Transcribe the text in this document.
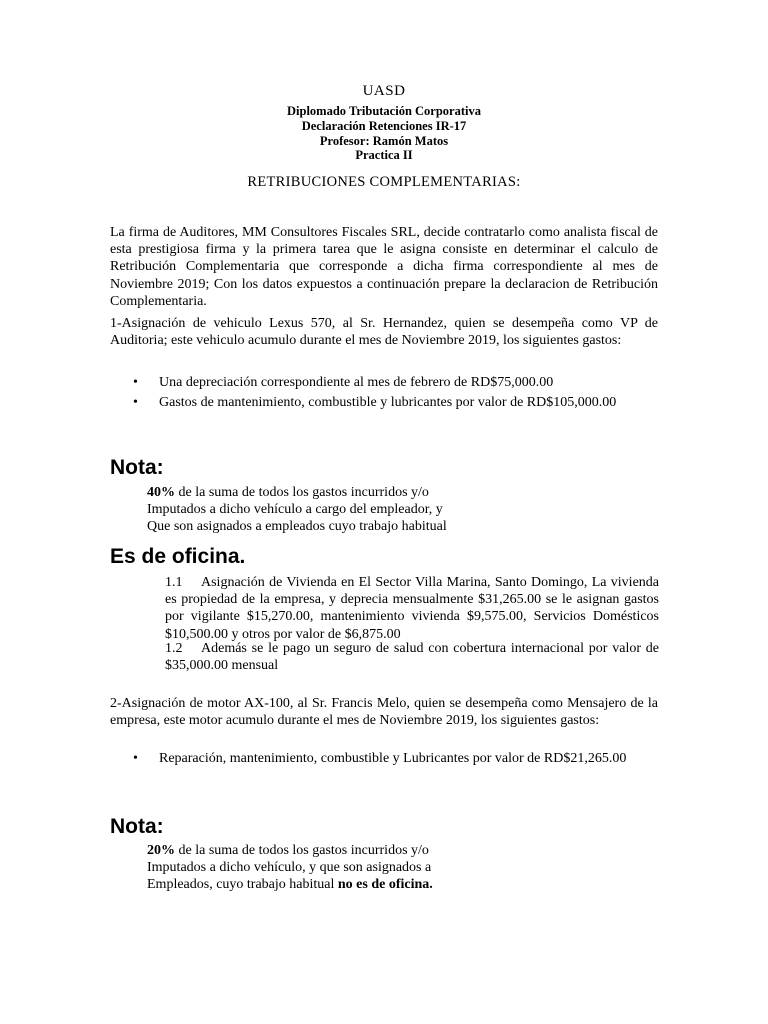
UASD
Diplomado Tributación Corporativa
Declaración Retenciones IR-17
Profesor: Ramón Matos
Practica II
RETRIBUCIONES COMPLEMENTARIAS:
La firma de Auditores, MM Consultores Fiscales SRL, decide contratarlo como analista fiscal de esta prestigiosa firma y la primera tarea que le asigna consiste en determinar el calculo de Retribución Complementaria que corresponde a dicha firma correspondiente al mes de Noviembre 2019; Con los datos expuestos a continuación prepare la declaracion de Retribución Complementaria.
1-Asignación de vehiculo Lexus 570, al Sr. Hernandez, quien se desempeña como VP de Auditoria; este vehiculo acumulo durante el mes de Noviembre 2019, los siguientes gastos:
• Una depreciación correspondiente al mes de febrero de RD$75,000.00
• Gastos de mantenimiento, combustible y lubricantes por valor de RD$105,000.00
Nota:
40% de la suma de todos los gastos incurridos y/o
Imputados a dicho vehículo a cargo del empleador, y
Que son asignados a empleados cuyo trabajo habitual
Es de oficina.
1.1 Asignación de Vivienda en El Sector Villa Marina, Santo Domingo, La vivienda es propiedad de la empresa, y deprecia mensualmente $31,265.00 se le asignan gastos por vigilante $15,270.00, mantenimiento vivienda $9,575.00, Servicios Domésticos $10,500.00 y otros por valor de $6,875.00
1.2 Además se le pago un seguro de salud con cobertura internacional por valor de $35,000.00 mensual
2-Asignación de motor AX-100, al Sr. Francis Melo, quien se desempeña como Mensajero de la empresa, este motor acumulo durante el mes de Noviembre 2019, los siguientes gastos:
• Reparación, mantenimiento, combustible y Lubricantes por valor de RD$21,265.00
Nota:
20% de la suma de todos los gastos incurridos y/o
Imputados a dicho vehículo, y que son asignados a
Empleados, cuyo trabajo habitual no es de oficina.
